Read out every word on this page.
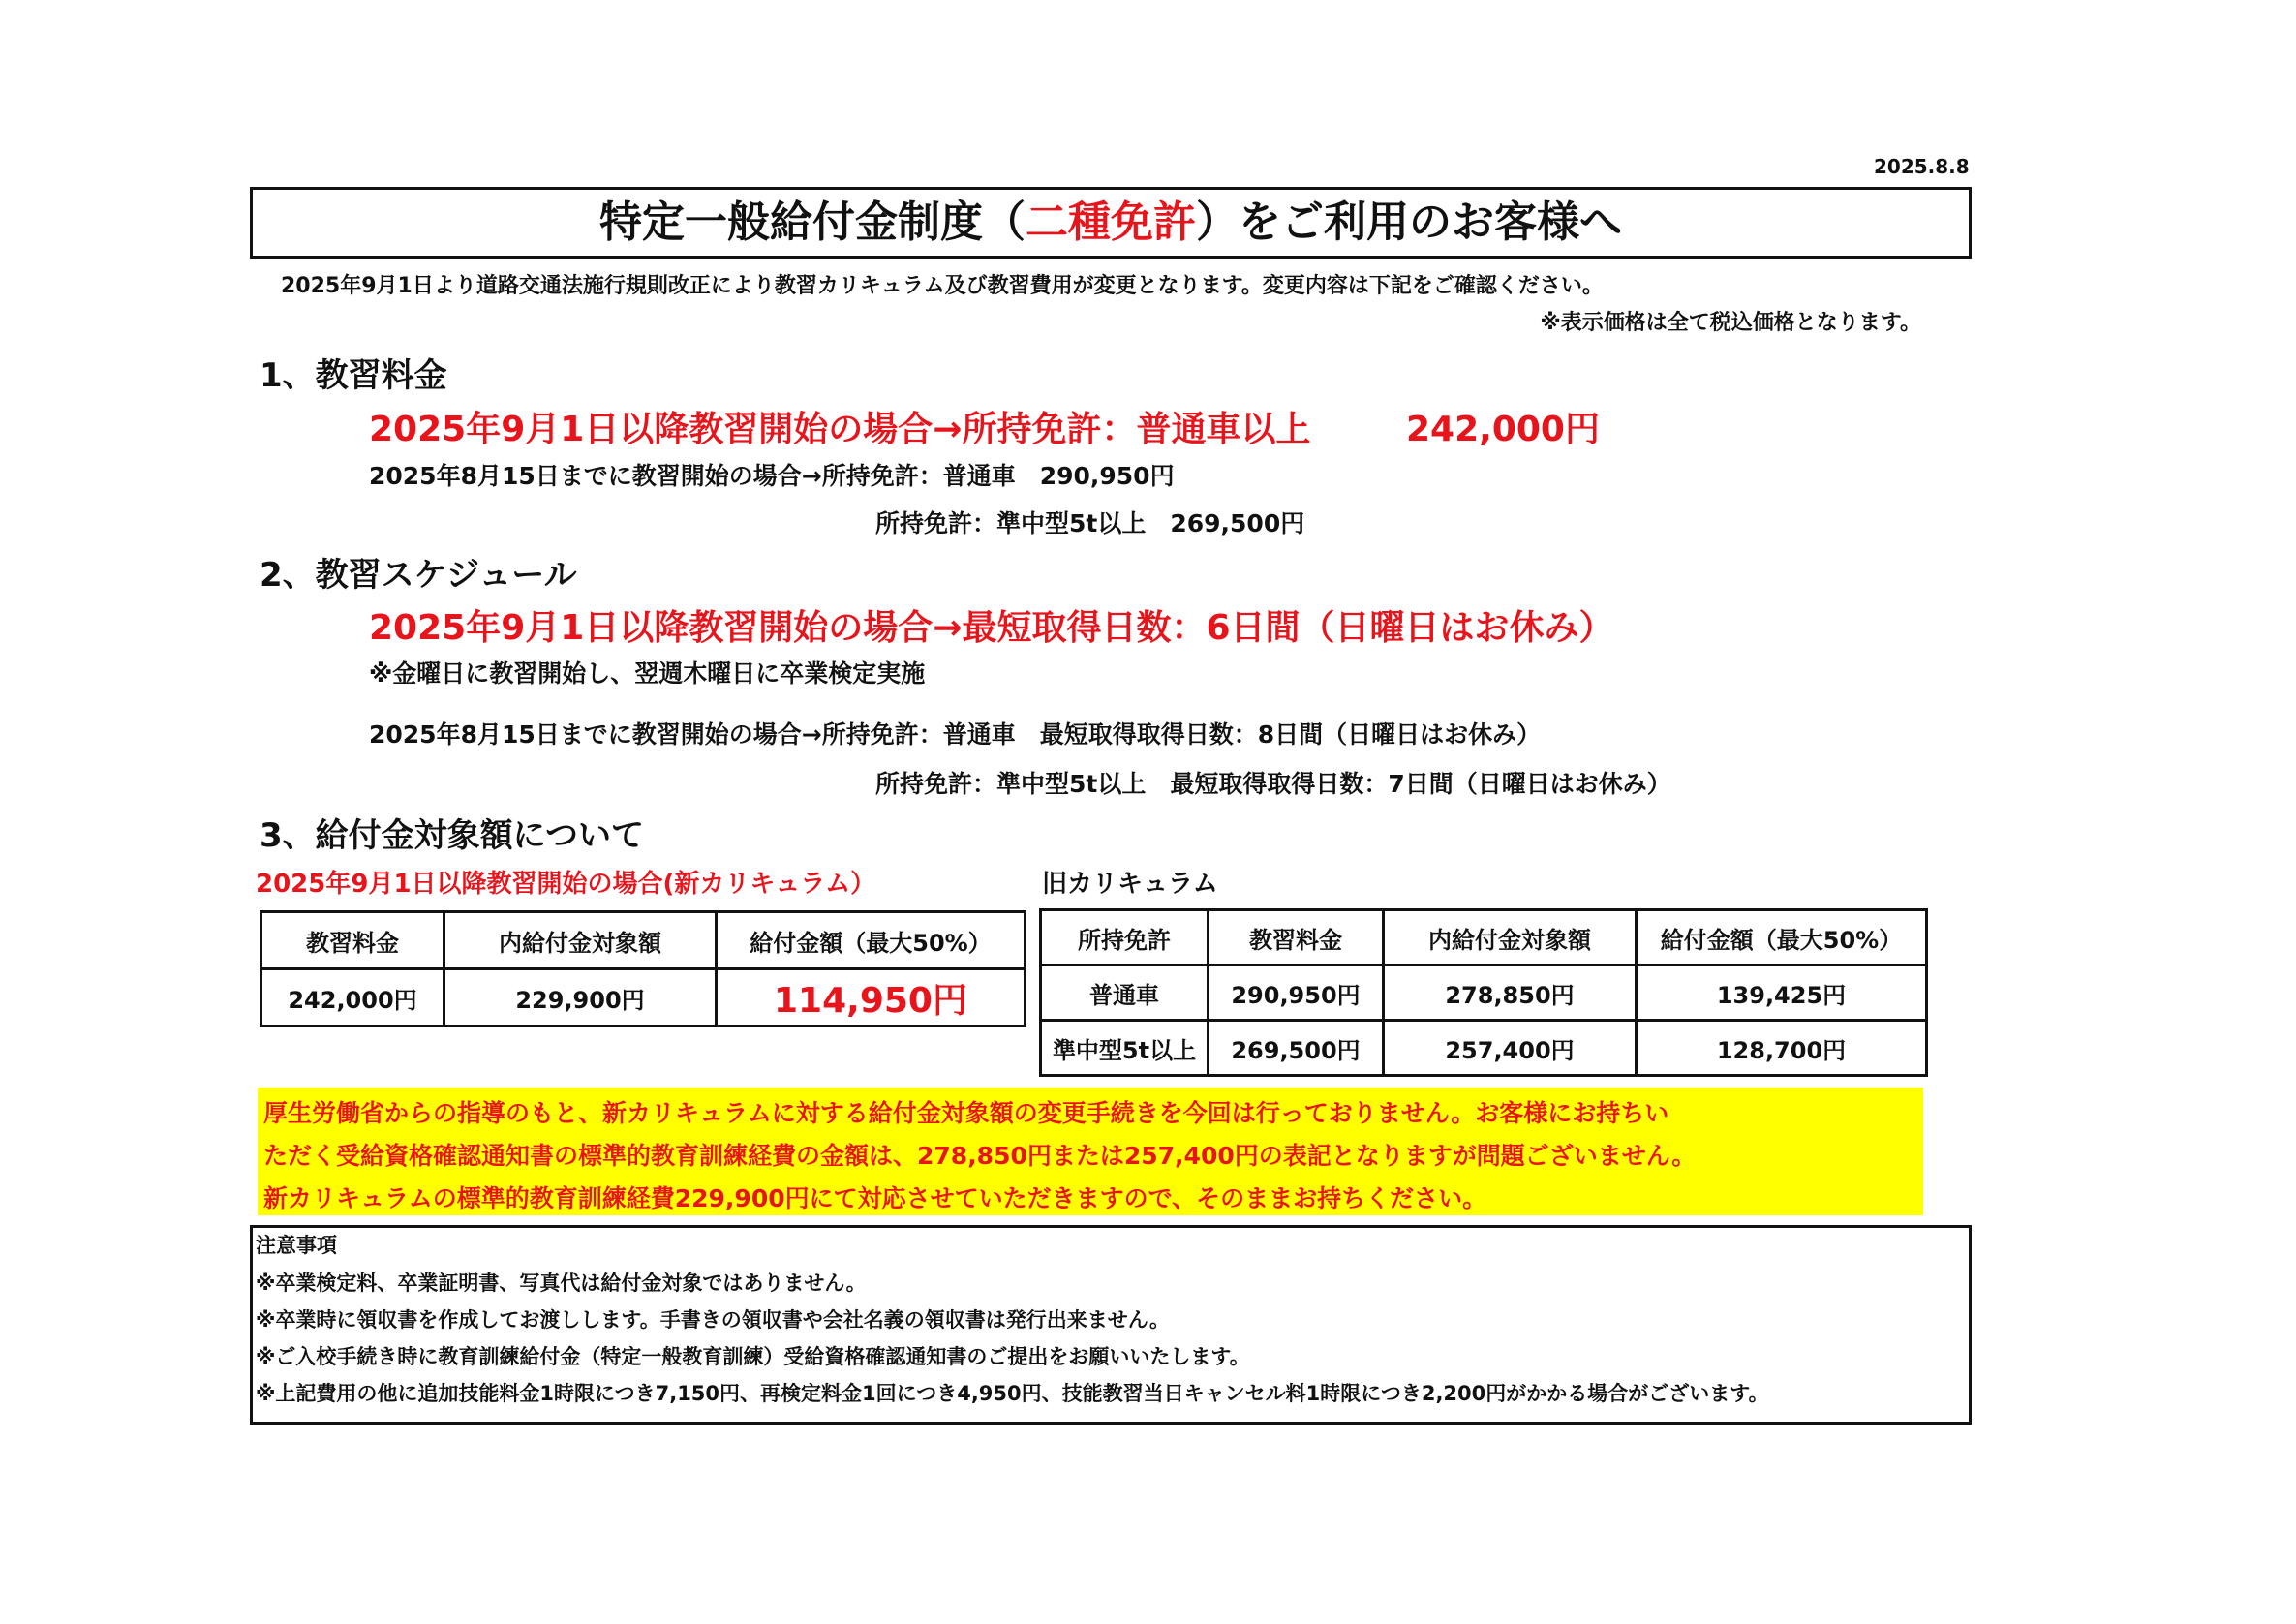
2025.8.8
特定一般給付金制度（二種免許）をご利用のお客様へ
2025年9月1日より道路交通法施行規則改正により教習カリキュラム及び教習費用が変更となります。変更内容は下記をご確認ください。
※表示価格は全て税込価格となります。
1、教習料金
2025年9月1日以降教習開始の場合→所持免許：普通車以上	242,000円
2025年8月15日までに教習開始の場合→所持免許：普通車　290,950円
所持免許：準中型5t以上　269,500円
2、教習スケジュール
2025年9月1日以降教習開始の場合→最短取得日数：6日間（日曜日はお休み）
※金曜日に教習開始し、翌週木曜日に卒業検定実施
2025年8月15日までに教習開始の場合→所持免許：普通車　最短取得取得日数：8日間（日曜日はお休み）
所持免許：準中型5t以上　最短取得取得日数：7日間（日曜日はお休み）
3、給付金対象額について
2025年9月1日以降教習開始の場合(新カリキュラム）	旧カリキュラム
教習料金	内給付金対象額	給付金額（最大50%）
242,000円	229,900円	114,950円
所持免許	教習料金	内給付金対象額	給付金額（最大50%）
普通車	290,950円	278,850円	139,425円
準中型5t以上	269,500円	257,400円	128,700円
厚生労働省からの指導のもと、新カリキュラムに対する給付金対象額の変更手続きを今回は行っておりません。お客様にお持ちい
ただく受給資格確認通知書の標準的教育訓練経費の金額は、278,850円または257,400円の表記となりますが問題ございません。
新カリキュラムの標準的教育訓練経費229,900円にて対応させていただきますので、そのままお持ちください。
注意事項
※卒業検定料、卒業証明書、写真代は給付金対象ではありません。
※卒業時に領収書を作成してお渡しします。手書きの領収書や会社名義の領収書は発行出来ません。
※ご入校手続き時に教育訓練給付金（特定一般教育訓練）受給資格確認通知書のご提出をお願いいたします。
※上記費用の他に追加技能料金1時限につき7,150円、再検定料金1回につき4,950円、技能教習当日キャンセル料1時限につき2,200円がかかる場合がございます。
